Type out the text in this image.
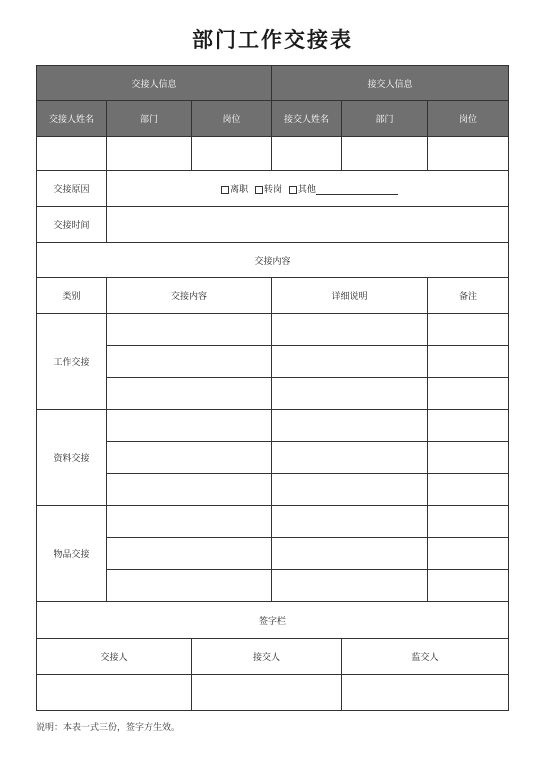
部门工作交接表
交接人信息			接交人信息		
交接人姓名	部门	岗位	接交人姓名	部门	岗位

交接原因	离职 转岗 其他				
交接时间					
交接内容					
类别	交接内容		详细说明		备注
工作交接					

资料交接					

物品交接					

签字栏					
交接人		接交人		监交人	

说明：本表一式三份，签字方生效。
